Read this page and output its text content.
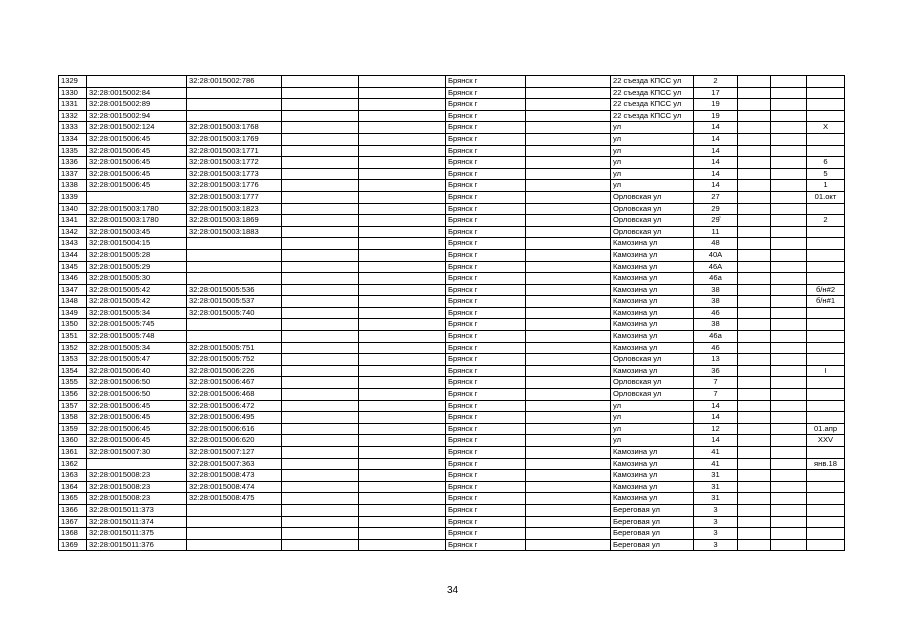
1329		32:28:0015002:786			Брянск г		22 съезда КПСС ул	2			
1330	32:28:0015002:84				Брянск г		22 съезда КПСС ул	17			
1331	32:28:0015002:89				Брянск г		22 съезда КПСС ул	19			
1332	32:28:0015002:94				Брянск г		22 съезда КПСС ул	19			
1333	32:28:0015002:124	32:28:0015003:1768			Брянск г		ул	14			X
1334	32:28:0015006:45	32:28:0015003:1769			Брянск г		ул	14			
1335	32:28:0015006:45	32:28:0015003:1771			Брянск г		ул	14			
1336	32:28:0015006:45	32:28:0015003:1772			Брянск г		ул	14			6
1337	32:28:0015006:45	32:28:0015003:1773			Брянск г		ул	14			5
1338	32:28:0015006:45	32:28:0015003:1776			Брянск г		ул	14			1
1339		32:28:0015003:1777			Брянск г		Орловская ул	27			01.окт
1340	32:28:0015003:1780	32:28:0015003:1823			Брянск г		Орловская ул	29			
1341	32:28:0015003:1780	32:28:0015003:1869			Брянск г		Орловская ул	29̂			2
1342	32:28:0015003:45	32:28:0015003:1883			Брянск г		Орловская ул	11			
1343	32:28:0015004:15				Брянск г		Камозина ул	48			
1344	32:28:0015005:28				Брянск г		Камозина ул	40А			
1345	32:28:0015005:29				Брянск г		Камозина ул	46А			
1346	32:28:0015005:30				Брянск г		Камозина ул	46а			
1347	32:28:0015005:42	32:28:0015005:536			Брянск г		Камозина ул	38			б/н#2
1348	32:28:0015005:42	32:28:0015005:537			Брянск г		Камозина ул	38			б/н#1
1349	32:28:0015005:34	32:28:0015005:740			Брянск г		Камозина ул	46			
1350	32:28:0015005:745				Брянск г		Камозина ул	38			
1351	32:28:0015005:748				Брянск г		Камозина ул	46а			
1352	32:28:0015005:34	32:28:0015005:751			Брянск г		Камозина ул	46			
1353	32:28:0015005:47	32:28:0015005:752			Брянск г		Орловская ул	13			
1354	32:28:0015006:40	32:28:0015006:226			Брянск г		Камозина ул	36			I
1355	32:28:0015006:50	32:28:0015006:467			Брянск г		Орловская ул	7			
1356	32:28:0015006:50	32:28:0015006:468			Брянск г		Орловская ул	7			
1357	32:28:0015006:45	32:28:0015006:472			Брянск г		ул	14			
1358	32:28:0015006:45	32:28:0015006:495			Брянск г		ул	14			
1359	32:28:0015006:45	32:28:0015006:616			Брянск г		ул	12			01.апр
1360	32:28:0015006:45	32:28:0015006:620			Брянск г		ул	14			XXV
1361	32:28:0015007:30	32:28:0015007:127			Брянск г		Камозина ул	41			
1362		32:28:0015007:363			Брянск г		Камозина ул	41			янв.18
1363	32:28:0015008:23	32:28:0015008:473			Брянск г		Камозина ул	31			
1364	32:28:0015008:23	32:28:0015008:474			Брянск г		Камозина ул	31			
1365	32:28:0015008:23	32:28:0015008:475			Брянск г		Камозина ул	31			
1366	32:28:0015011:373				Брянск г		Береговая ул	3			
1367	32:28:0015011:374				Брянск г		Береговая ул	3			
1368	32:28:0015011:375				Брянск г		Береговая ул	3			
1369	32:28:0015011:376				Брянск г		Береговая ул	3			
34
